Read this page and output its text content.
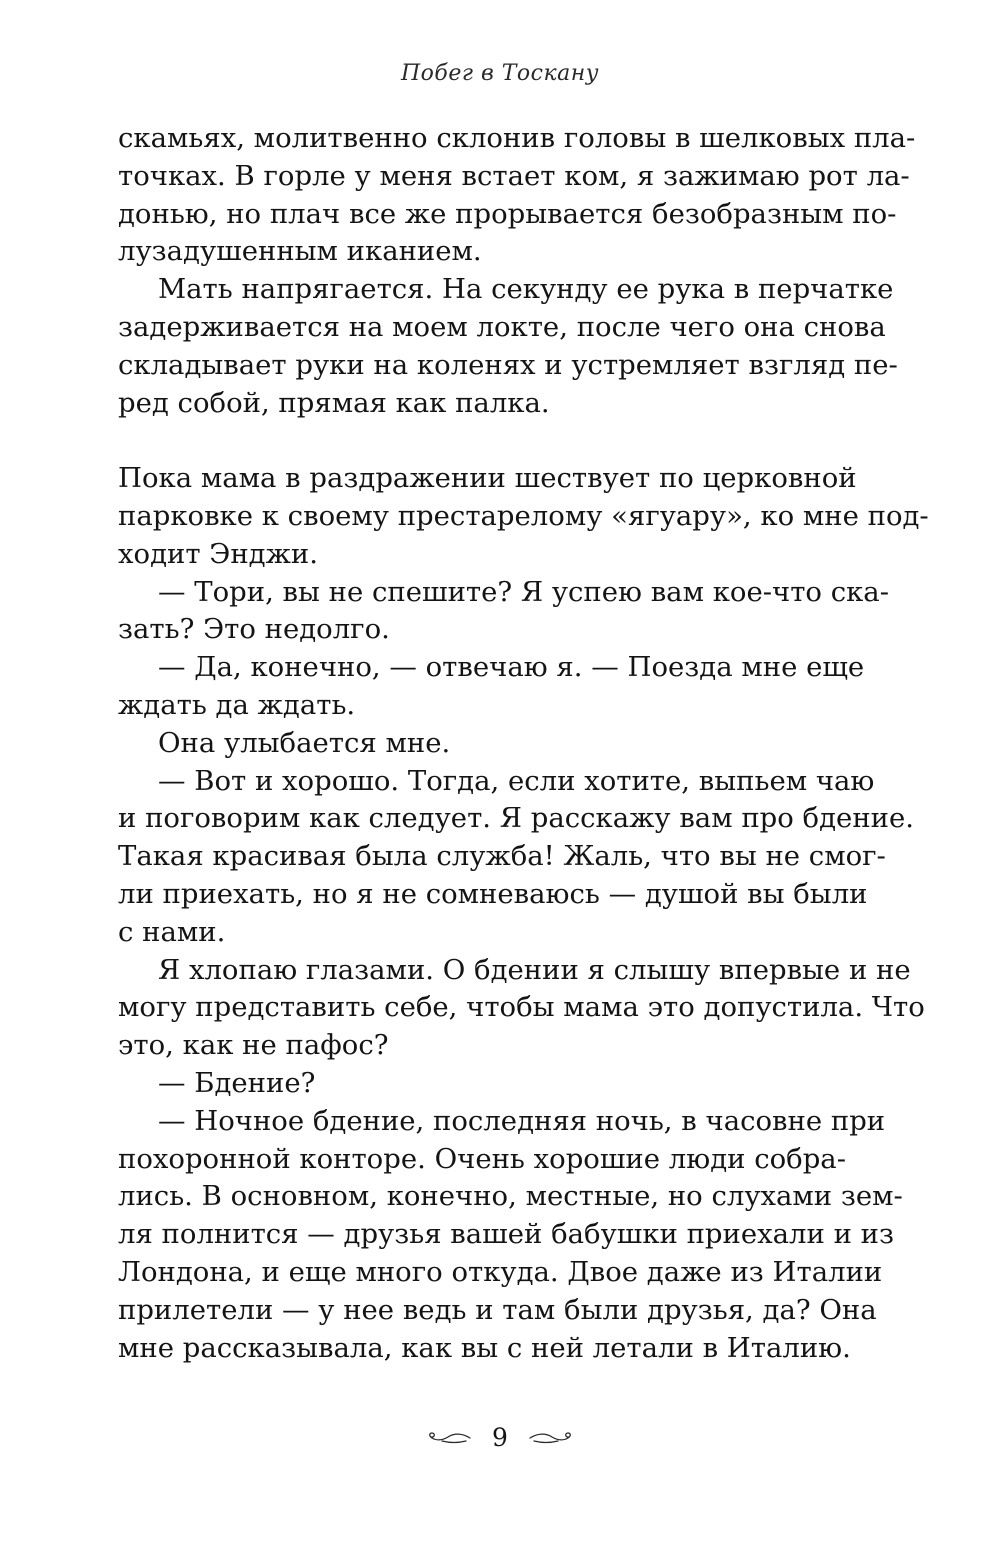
Побег в Тоскану
скамьях, молитвенно склонив головы в шелковых пла-
точках. В горле у меня встает ком, я зажимаю рот ла-
донью, но плач все же прорывается безобразным по-
лузадушенным иканием.
Мать напрягается. На секунду ее рука в перчатке
задерживается на моем локте, после чего она снова
складывает руки на коленях и устремляет взгляд пе-
ред собой, прямая как палка.
Пока мама в раздражении шествует по церковной
парковке к своему престарелому «ягуару», ко мне под-
ходит Энджи.
— Тори, вы не спешите? Я успею вам кое-что ска-
зать? Это недолго.
— Да, конечно, — отвечаю я. — Поезда мне еще
ждать да ждать.
Она улыбается мне.
— Вот и хорошо. Тогда, если хотите, выпьем чаю
и поговорим как следует. Я расскажу вам про бдение.
Такая красивая была служба! Жаль, что вы не смог-
ли приехать, но я не сомневаюсь — душой вы были
с нами.
Я хлопаю глазами. О бдении я слышу впервые и не
могу представить себе, чтобы мама это допустила. Что
это, как не пафос?
— Бдение?
— Ночное бдение, последняя ночь, в часовне при
похоронной конторе. Очень хорошие люди собра-
лись. В основном, конечно, местные, но слухами зем-
ля полнится — друзья вашей бабушки приехали и из
Лондона, и еще много откуда. Двое даже из Италии
прилетели — у нее ведь и там были друзья, да? Она
мне рассказывала, как вы с ней летали в Италию.
9
